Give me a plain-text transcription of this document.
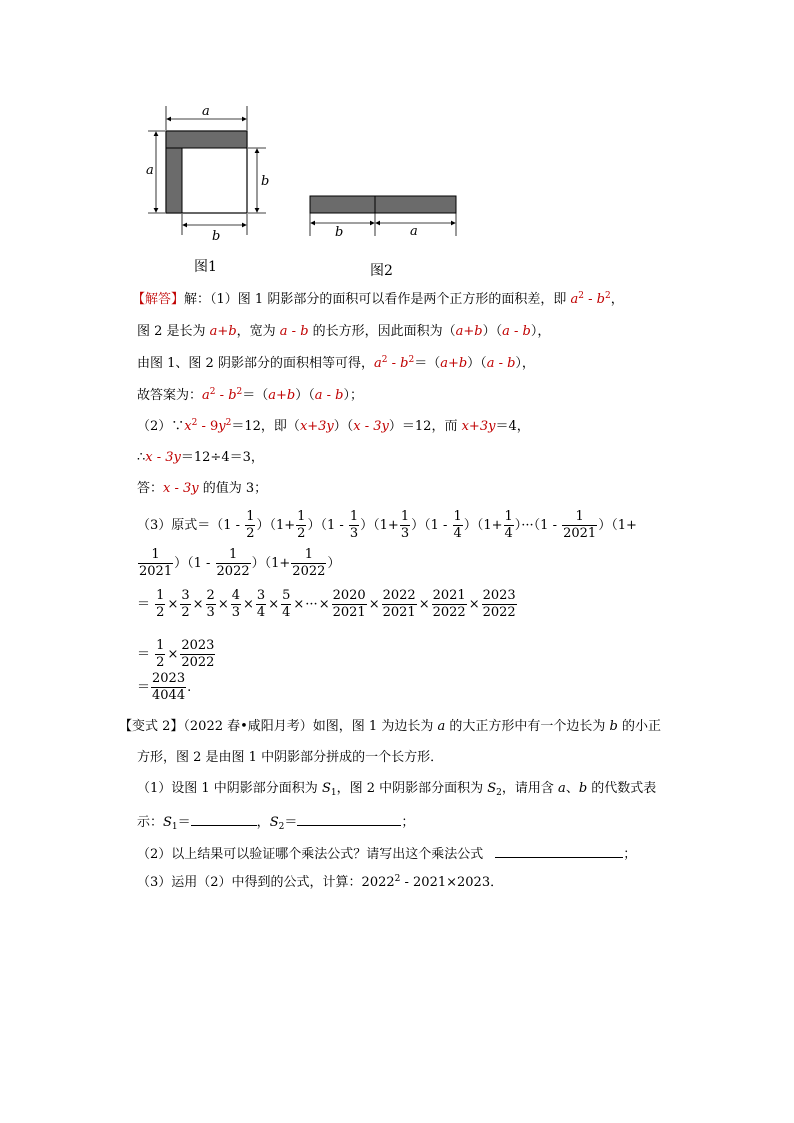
a
a
b
b
图1
b	a
图2
【解答】解：（1）图 1 阴影部分的面积可以看作是两个正方形的面积差，即 $a^2 - b^2$，
图 2 是长为 a+b，宽为 a - b 的长方形，因此面积为（a+b）（a - b），
由图 1、图 2 阴影部分的面积相等可得，$a^2 - b^2=(a+b)(a - b)$，
故答案为：$a^2 - b^2=(a+b)(a - b)$；
$(2)\because x^2 - 9y^2=12$，即（x+3y）（x - 3y）＝12，而 x+3y＝4，
∴x - 3y＝12÷4＝3，
答：x - 3y 的值为 3；
（3）原式$=(1 - \frac{1}{2} )(1+ \frac{1}{2} )(1 - \frac{1}{3} )(1+ \frac{1}{3} )(1 - \frac{1}{4} )(1+ \frac{1}{4} )\cdot\cdot\cdot(1 - \frac{1}{2021} )(1+$
$\frac{1}{2021} )(1 - \frac{1}{2022} )(1+ \frac{1}{2022}$ ）
＝ $\frac{1}{2} \times \frac{3}{2} \times \frac{2}{3} \times \frac{4}{3} \times \frac{3}{4} \times \frac{5}{4}$ ×···× $\frac{2020}{2021} \times \frac{2022}{2021} \times \frac{2021}{2022} \times \frac{2023}{2022}$
＝ $\frac{1}{2} \times \frac{2023}{2022}$
＝ $\frac{2023}{4044}$ .
【变式 2】（2022 春•咸阳月考）如图，图 1 为边长为 a 的大正方形中有一个边长为 b 的小正
方形，图 2 是由图 1 中阴影部分拼成的一个长方形．
（1）设图 1 中阴影部分面积为 $S_1$，图 2 中阴影部分面积为 $S_2$，请用含 a、b 的代数式表
示：$S_1=$	，$S_2=$	；
（2）以上结果可以验证哪个乘法公式？请写出这个乘法公式	；
（3）运用（2）中得到的公式，计算：2022$^2$ - 2021×2023．
